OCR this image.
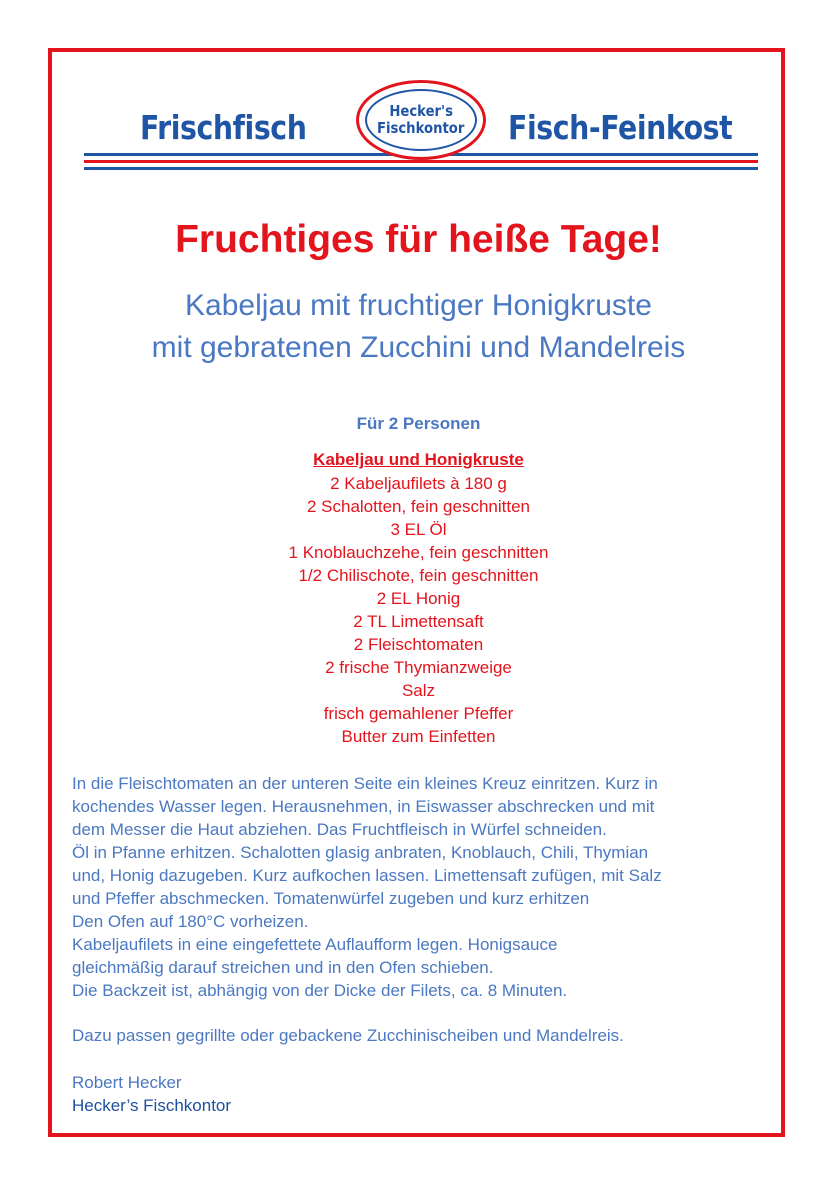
Frischfisch	Fisch-Feinkost
Hecker's
Fischkontor
Fruchtiges für heiße Tage!
Kabeljau mit fruchtiger Honigkruste
mit gebratenen Zucchini und Mandelreis
Für 2 Personen
Kabeljau und Honigkruste
2 Kabeljaufilets à 180 g
2 Schalotten, fein geschnitten
3 EL Öl
1 Knoblauchzehe, fein geschnitten
1/2 Chilischote, fein geschnitten
2 EL Honig
2 TL Limettensaft
2 Fleischtomaten
2 frische Thymianzweige
Salz
frisch gemahlener Pfeffer
Butter zum Einfetten
In die Fleischtomaten an der unteren Seite ein kleines Kreuz einritzen. Kurz in
kochendes Wasser legen. Herausnehmen, in Eiswasser abschrecken und mit
dem Messer die Haut abziehen. Das Fruchtfleisch in Würfel schneiden.
Öl in Pfanne erhitzen. Schalotten glasig anbraten, Knoblauch, Chili, Thymian
und, Honig dazugeben. Kurz aufkochen lassen. Limettensaft zufügen, mit Salz
und Pfeffer abschmecken. Tomatenwürfel zugeben und kurz erhitzen
Den Ofen auf 180°C vorheizen.
Kabeljaufilets in eine eingefettete Auflaufform legen. Honigsauce
gleichmäßig darauf streichen und in den Ofen schieben.
Die Backzeit ist, abhängig von der Dicke der Filets, ca. 8 Minuten.
Dazu passen gegrillte oder gebackene Zucchinischeiben und Mandelreis.
Robert Hecker
Hecker’s Fischkontor
